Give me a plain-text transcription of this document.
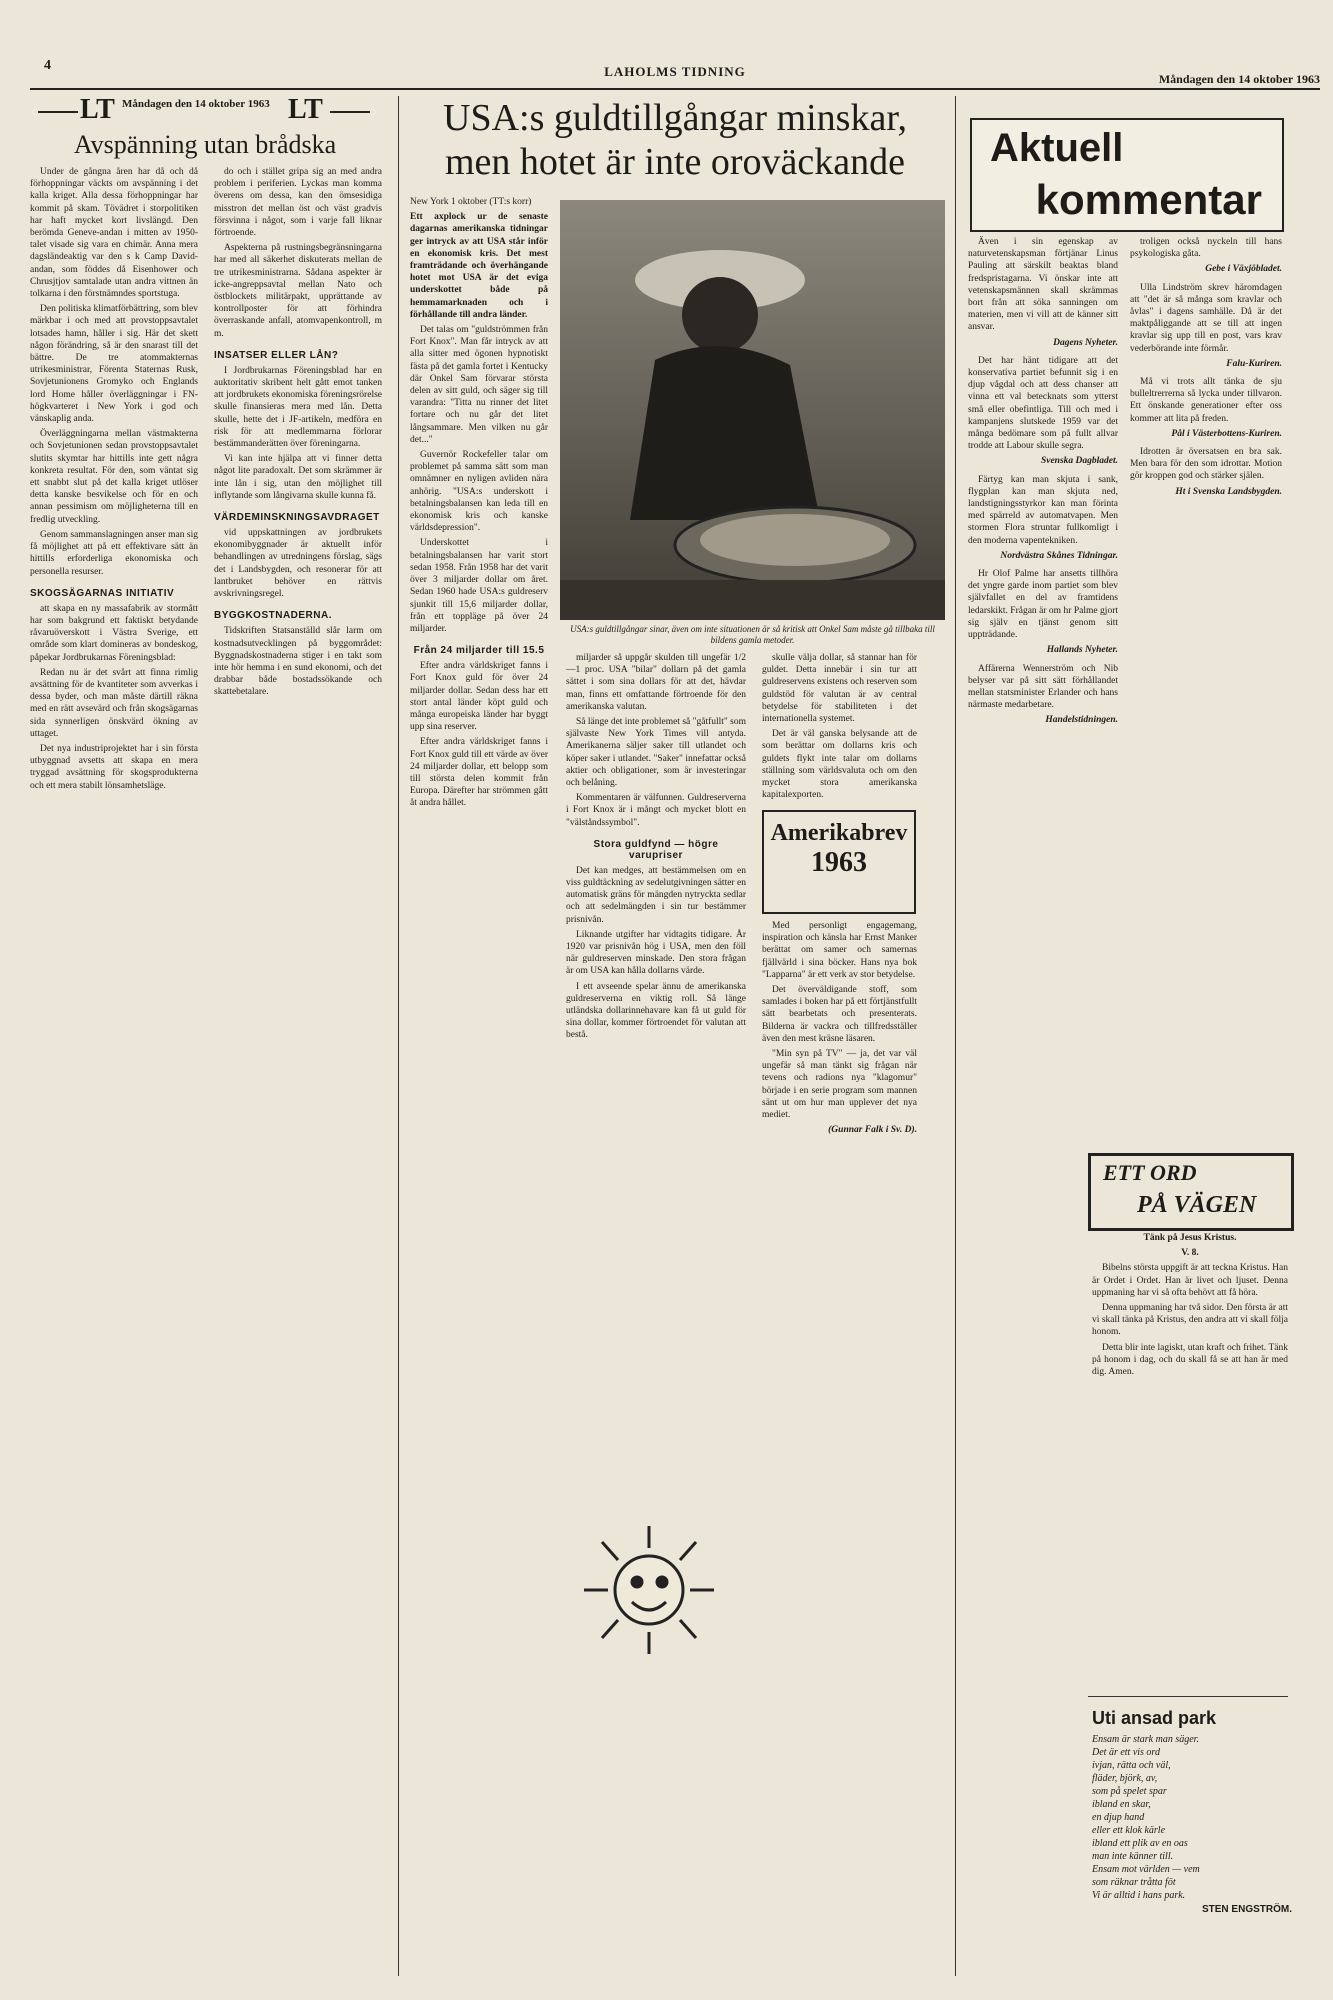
4	LAHOLMS TIDNING	Måndagen den 14 oktober 1963
LT Måndagen den 14 oktober 1963 LT
Avspänning utan brådska

Under de gångna åren har då och då förhoppningar väckts om avspänning i det kalla kriget. Alla dessa förhoppningar har kommit på skam. Tövädret i storpolitiken har haft mycket kort livslängd. Den berömda Geneve-andan i mitten av 1950-talet visade sig vara en chimär. Anna mera dagsländeaktig var den s k Camp David-andan, som föddes då Eisenhower och Chrusjtjov samtalade utan andra vittnen än tolkarna i den förstnämndes sportstuga.

Den politiska klimatförbättring, som blev märkbar i och med att provstoppsavtalet lotsades hamn, håller i sig. Här det skett någon förändring, så är den snarast till det bättre. De tre atommakternas utrikesministrar, Förenta Staternas Rusk, Sovjetunionens Gromyko och Englands lord Home håller överläggningar i FN-högkvarteret i New York i god och vänskaplig anda.

Överläggningarna mellan västmakterna och Sovjetunionen sedan provstoppsavtalet slutits skymtar har hittills inte gett några konkreta resultat. För den, som väntat sig ett snabbt slut på det kalla kriget utlöser detta kanske besvikelse och för en och annan pessimism om möjligheterna till en fredlig utveckling.

Genom sammanslagningen anser man sig få möjlighet att på ett effektivare sätt än hittills erforderliga ekonomiska och personella resurser.

SKOGSÄGARNAS INITIATIV

att skapa en ny massafabrik av stormått har som bakgrund ett faktiskt betydande råvaruöverskott i Västra Sverige, ett område som klart domineras av bondeskog, påpekar Jordbrukarnas Föreningsblad:

Redan nu är det svårt att finna rimlig avsättning för de kvantiteter som avverkas i dessa byder, och man måste därtill räkna med en rätt avsevärd och från skogsägarnas sida synnerligen önskvärd ökning av uttaget.

Det nya industriprojektet har i sin första utbyggnad avsetts att skapa en mera tryggad avsättning för skogsprodukterna och ett mera stabilt lönsamhetsläge.

do och i stället gripa sig an med andra problem i periferien. Lyckas man komma överens om dessa, kan den ömsesidiga misstron det mellan öst och väst gradvis försvinna i något, som i varje fall liknar förtroende.

Aspekterna på rustningsbegränsningarna har med all säkerhet diskuterats mellan de tre utrikesministrarna. Sådana aspekter är icke-angreppsavtal mellan Nato och östblockets militärpakt, upprättande av kontrollposter för att förhindra överraskande anfall, atomvapenkontroll, m m.

INSATSER ELLER LÅN?

I Jordbrukarnas Föreningsblad har en auktoritativ skribent helt gått emot tanken att jordbrukets ekonomiska föreningsrörelse skulle finansieras mera med lån. Detta skulle, hette det i JF-artikeln, medföra en risk för att medlemmarna förlorar bestämmanderätten över föreningarna.

Vi kan inte hjälpa att vi finner detta något lite paradoxalt. Det som skrämmer är inte lån i sig, utan den möjlighet till inflytande som långivarna skulle kunna få.

VÄRDEMINSKNINGSAVDRAGET

vid uppskattningen av jordbrukets ekonomibyggnader är aktuellt inför behandlingen av utredningens förslag, sägs det i Landsbygden, och resonerar för att lantbruket behöver en rättvis avskrivningsregel.

BYGGKOSTNADERNA.

Tidskriften Statsanställd slår larm om kostnadsutvecklingen på byggområdet: Byggnadskostnaderna stiger i en takt som inte hör hemma i en sund ekonomi, och det drabbar både bostadssökande och skattebetalare.

USA:s guldtillgångar minskar,
men hotet är inte oroväckande

New York 1 oktober (TT:s korr)

Ett axplock ur de senaste dagarnas amerikanska tidningar ger intryck av att USA står inför en ekonomisk kris. Det mest framträdande och överhängande hotet mot USA är det eviga underskottet både på hemmamarknaden och i förhållande till andra länder.

Det talas om "guldströmmen från Fort Knox". Man får intryck av att alla sitter med ögonen hypnotiskt fästa på det gamla fortet i Kentucky där Onkel Sam förvarar största delen av sitt guld, och säger sig till varandra: "Titta nu rinner det litet fortare och nu går det litet långsammare. Men vilken nu går det..."

Guvernör Rockefeller talar om problemet på samma sätt som man omnämner en nyligen avliden nära anhörig. "USA:s underskott i betalningsbalansen kan leda till en ekonomisk kris och kanske världsdepression".

Underskottet i betalningsbalansen har varit stort sedan 1958. Från 1958 har det varit över 3 miljarder dollar om året. Sedan 1960 hade USA:s guldreserv sjunkit till 15,6 miljarder dollar, från ett toppläge på över 24 miljarder.

Från 24 miljarder till 15.5

Efter andra världskriget fanns i Fort Knox guld för över 24 miljarder dollar. Sedan dess har ett stort antal länder köpt guld och många europeiska länder har byggt upp sina reserver.

Efter andra världskriget fanns i Fort Knox guld till ett värde av över 24 miljarder dollar, ett belopp som till största delen kommit från Europa. Därefter har strömmen gått åt andra hållet.

USA:s guldtillgångar sinar, även om inte situationen är så kritisk att Onkel Sam måste gå tillbaka till bildens gamla metoder.

miljarder så uppgår skulden till ungefär 1/2—1 proc. USA "bilar" dollarn på det gamla sättet i som sina dollars för att det, hävdar man, finns ett omfattande förtroende för den amerikanska valutan.

Så länge det inte problemet så "gåtfullt" som självaste New York Times vill antyda. Amerikanerna säljer saker till utlandet och köper saker i utlandet. "Saker" innefattar också aktier och obligationer, som är investeringar och belåning.

Kommentaren är välfunnen. Guldreserverna i Fort Knox är i mångt och mycket blott en "välståndssymbol".

Stora guldfynd — högre varupriser

Det kan medges, att bestämmelsen om en viss guldtäckning av sedelutgivningen sätter en automatisk gräns för mängden nytryckta sedlar och att sedelmängden i sin tur bestämmer prisnivån.

Liknande utgifter har vidtagits tidigare. År 1920 var prisnivån hög i USA, men den föll när guldreserven minskade. Den stora frågan är om USA kan hålla dollarns värde.

I ett avseende spelar ännu de amerikanska guldreserverna en viktig roll. Så länge utländska dollarinnehavare kan få ut guld för sina dollar, kommer förtroendet för valutan att bestå.

skulle välja dollar, så stannar han för guldet. Detta innebär i sin tur att guldreservens existens och reserven som guldstöd för valutan är av central betydelse för stabiliteten i det internationella systemet.

Det är väl ganska belysande att de som berättar om dollarns kris och guldets flykt inte talar om dollarns ställning som världsvaluta och om den mycket stora amerikanska kapitalexporten.

Amerikabrev
1963

Med personligt engagemang, inspiration och känsla har Ernst Manker berättat om samer och samernas fjällvärld i sina böcker. Hans nya bok "Lapparna" är ett verk av stor betydelse.

Det överväldigande stoff, som samlades i boken har på ett förtjänstfullt sätt bearbetats och presenterats. Bilderna är vackra och tillfredsställer även den mest kräsne läsaren.

"Min syn på TV" — ja, det var väl ungefär så man tänkt sig frågan när tevens och radions nya "klagomur" började i en serie program som mannen sänt ut om hur man upplever det nya mediet.

(Gunnar Falk i Sv. D).

Aktuell
kommentar

Även i sin egenskap av naturvetenskapsman förtjänar Linus Pauling att särskilt beaktas bland fredspristagarna. Vi önskar inte att vetenskapsmännen skall skrämmas bort från att söka sanningen om materien, men vi vill att de känner sitt ansvar.

Dagens Nyheter.

Det har hänt tidigare att det konservativa partiet befunnit sig i en djup vågdal och att dess chanser att vinna ett val betecknats som ytterst små eller obefintliga. Till och med i kampanjens slutskede 1959 var det många bedömare som på fullt allvar trodde att Labour skulle segra.

Svenska Dagbladet.

Färtyg kan man skjuta i sank, flygplan kan man skjuta ned, landstigningsstyrkor kan man förinta med spärreld av automatvapen. Men stormen Flora struntar fullkomligt i den moderna vapentekniken.

Nordvästra Skånes Tidningar.

Hr Olof Palme har ansetts tillhöra det yngre garde inom partiet som blev självfallet en del av framtidens ledarskikt. Frågan är om hr Palme gjort sig själv en tjänst genom sitt uppträdande.

Hallands Nyheter.

Affärerna Wennerström och Nib belyser var på sitt sätt förhållandet mellan statsminister Erlander och hans närmaste medarbetare.

Handelstidningen.

troligen också nyckeln till hans psykologiska gåta.

Gebe i Växjöbladet.

Ulla Lindström skrev häromdagen att "det är så många som kravlar och åvlas" i dagens samhälle. Då är det maktpåliggande att se till att ingen kravlar sig upp till en post, vars krav vederbörande inte förmår.

Falu-Kuriren.

Må vi trots allt tänka de sju bulleltrerrerna så lycka under tillvaron. Ett önskande generationer efter oss kommer att lita på freden.

Pål i Västerbottens-Kuriren.

Idrotten är översatsen en bra sak. Men bara för den som idrottar. Motion gör kroppen god och stärker själen.

Ht i Svenska Landsbygden.

ETT ORD
PÅ VÄGEN

Tänk på Jesus Kristus.

V. 8.

Bibelns största uppgift är att teckna Kristus. Han är Ordet i Ordet. Han är livet och ljuset. Denna uppmaning har vi så ofta behövt att få höra.

Denna uppmaning har två sidor. Den första är att vi skall tänka på Kristus, den andra att vi skall följa honom.

Detta blir inte lagiskt, utan kraft och frihet. Tänk på honom i dag, och du skall få se att han är med dig. Amen.

Uti ansad park
Ensam är stark man säger.
Det är ett vis ord
ivjan, rätta och väl,
fläder, björk, av,
som på spelet spar
ibland en skar,
en djup hand
eller ett klok kärle
ibland ett plik av en oas
man inte känner till.
Ensam mot världen — vem
som räknar tråtta föt
Vi är alltid i hans park.
STEN ENGSTRÖM.
